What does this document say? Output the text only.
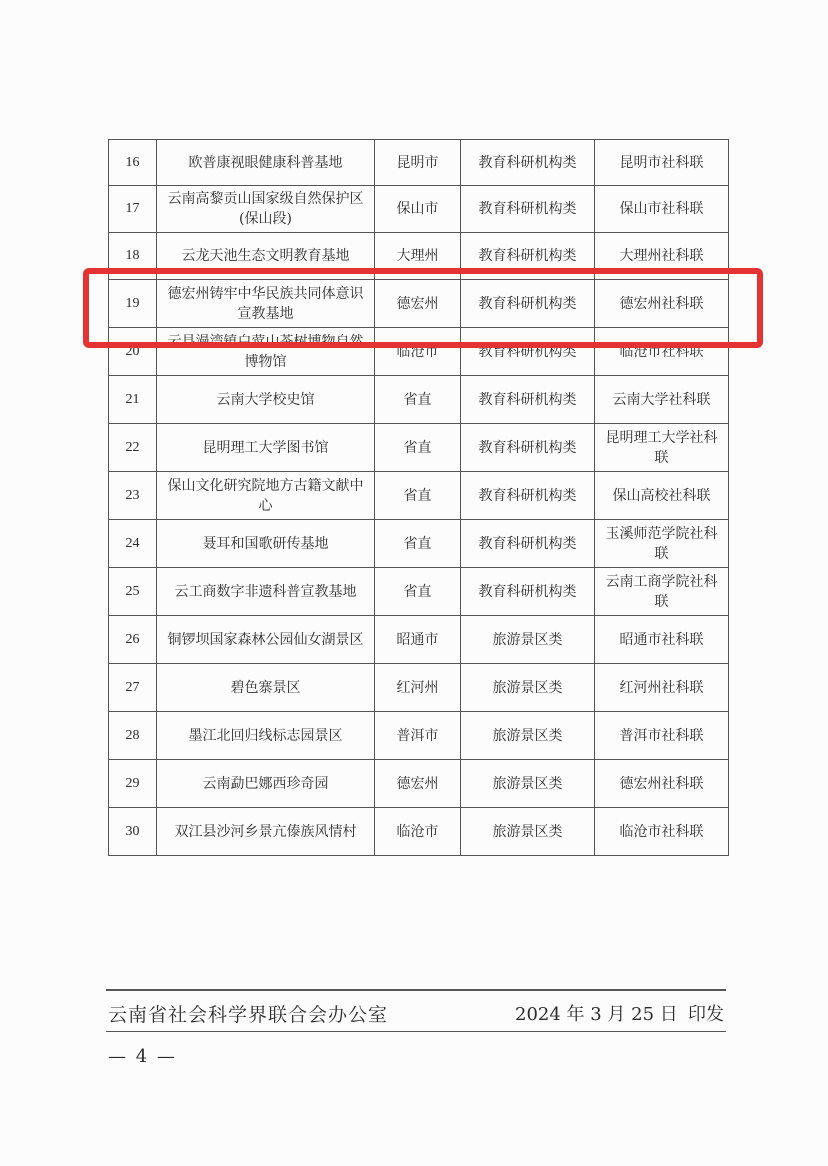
16	欧普康视眼健康科普基地	昆明市	教育科研机构类	昆明市社科联
17	云南高黎贡山国家级自然保护区(保山段)	保山市	教育科研机构类	保山市社科联
18	云龙天池生态文明教育基地	大理州	教育科研机构类	大理州社科联
19	德宏州铸牢中华民族共同体意识宣教基地	德宏州	教育科研机构类	德宏州社科联
20	云县漫湾镇白莺山茶树博物自然博物馆	临沧市	教育科研机构类	临沧市社科联
21	云南大学校史馆	省直	教育科研机构类	云南大学社科联
22	昆明理工大学图书馆	省直	教育科研机构类	昆明理工大学社科联
23	保山文化研究院地方古籍文献中心	省直	教育科研机构类	保山高校社科联
24	聂耳和国歌研传基地	省直	教育科研机构类	玉溪师范学院社科联
25	云工商数字非遗科普宣教基地	省直	教育科研机构类	云南工商学院社科联
26	铜锣坝国家森林公园仙女湖景区	昭通市	旅游景区类	昭通市社科联
27	碧色寨景区	红河州	旅游景区类	红河州社科联
28	墨江北回归线标志园景区	普洱市	旅游景区类	普洱市社科联
29	云南勐巴娜西珍奇园	德宏州	旅游景区类	德宏州社科联
30	双江县沙河乡景亢傣族风情村	临沧市	旅游景区类	临沧市社科联
云南省社会科学界联合会办公室	2024 年 3 月 25 日 印发
— 4 —
